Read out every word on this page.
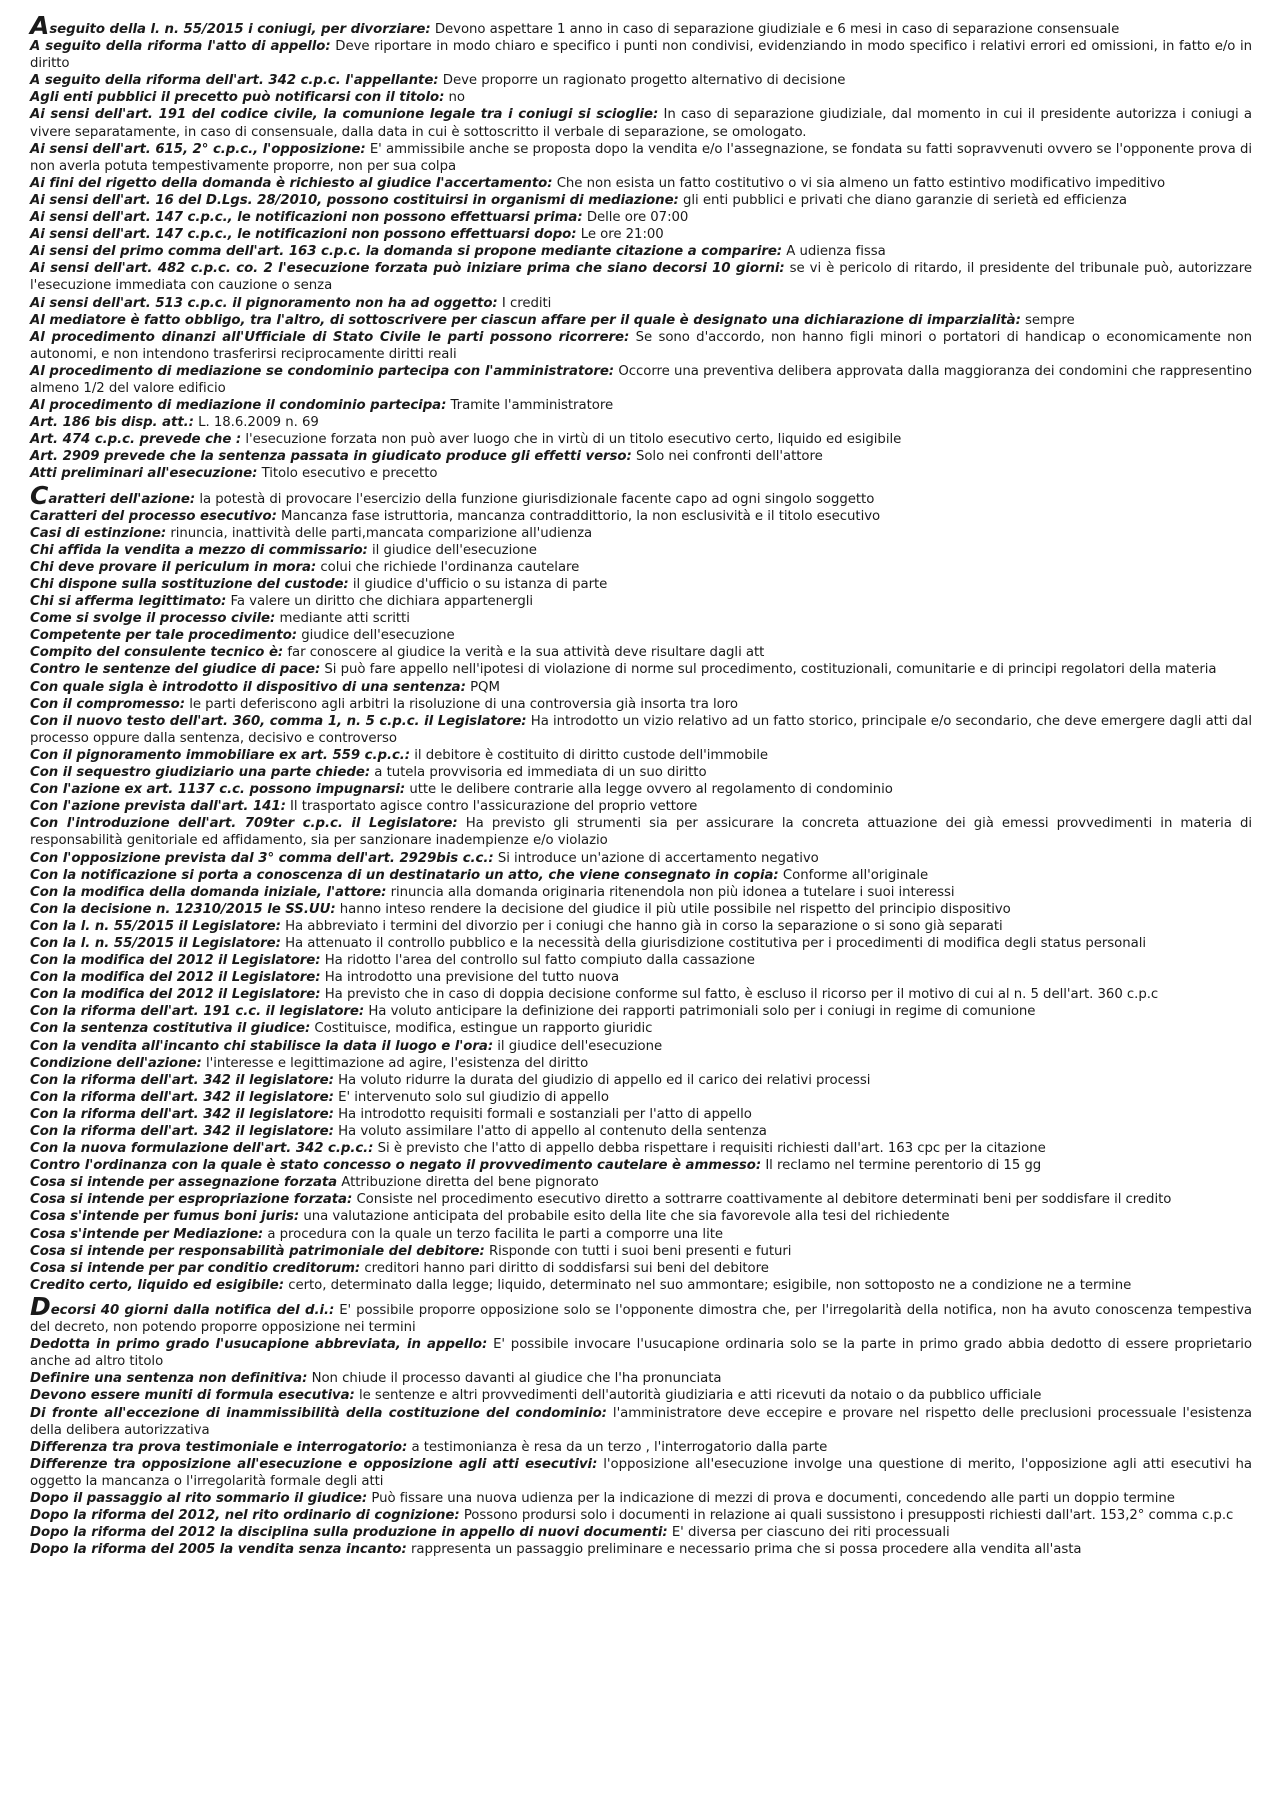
Aseguito della l. n. 55/2015 i coniugi, per divorziare: Devono aspettare 1 anno in caso di separazione giudiziale e 6 mesi in caso di separazione consensuale
A seguito della riforma l'atto di appello: Deve riportare in modo chiaro e specifico i punti non condivisi, evidenziando in modo specifico i relativi errori ed omissioni, in fatto e/o in diritto
A seguito della riforma dell'art. 342 c.p.c. l'appellante: Deve proporre un ragionato progetto alternativo di decisione
Agli enti pubblici il precetto può notificarsi con il titolo: no
Ai sensi dell'art. 191 del codice civile, la comunione legale tra i coniugi si scioglie: In caso di separazione giudiziale, dal momento in cui il presidente autorizza i coniugi a vivere separatamente, in caso di consensuale, dalla data in cui è sottoscritto il verbale di separazione, se omologato.
Ai sensi dell'art. 615, 2° c.p.c., l'opposizione: E' ammissibile anche se proposta dopo la vendita e/o l'assegnazione, se fondata su fatti sopravvenuti ovvero se l'opponente prova di non averla potuta tempestivamente proporre, non per sua colpa
Ai fini del rigetto della domanda è richiesto al giudice l'accertamento: Che non esista un fatto costitutivo o vi sia almeno un fatto estintivo modificativo impeditivo
Ai sensi dell'art. 16 del D.Lgs. 28/2010, possono costituirsi in organismi di mediazione: gli enti pubblici e privati che diano garanzie di serietà ed efficienza
Ai sensi dell'art. 147 c.p.c., le notificazioni non possono effettuarsi prima: Delle ore 07:00
Ai sensi dell'art. 147 c.p.c., le notificazioni non possono effettuarsi dopo: Le ore 21:00
Ai sensi del primo comma dell'art. 163 c.p.c. la domanda si propone mediante citazione a comparire: A udienza fissa
Ai sensi dell'art. 482 c.p.c. co. 2 l'esecuzione forzata può iniziare prima che siano decorsi 10 giorni: se vi è pericolo di ritardo, il presidente del tribunale può, autorizzare l'esecuzione immediata con cauzione o senza
Ai sensi dell'art. 513 c.p.c. il pignoramento non ha ad oggetto: I crediti
Al mediatore è fatto obbligo, tra l'altro, di sottoscrivere per ciascun affare per il quale è designato una dichiarazione di imparzialità: sempre
Al procedimento dinanzi all'Ufficiale di Stato Civile le parti possono ricorrere: Se sono d'accordo, non hanno figli minori o portatori di handicap o economicamente non autonomi, e non intendono trasferirsi reciprocamente diritti reali
Al procedimento di mediazione se condominio partecipa con l'amministratore: Occorre una preventiva delibera approvata dalla maggioranza dei condomini che rappresentino almeno 1/2 del valore edificio
Al procedimento di mediazione il condominio partecipa: Tramite l'amministratore
Art. 186 bis disp. att.: L. 18.6.2009 n. 69
Art. 474 c.p.c. prevede che : l'esecuzione forzata non può aver luogo che in virtù di un titolo esecutivo certo, liquido ed esigibile
Art. 2909 prevede che la sentenza passata in giudicato produce gli effetti verso: Solo nei confronti dell'attore
Atti preliminari all'esecuzione: Titolo esecutivo e precetto
Caratteri dell'azione: la potestà di provocare l'esercizio della funzione giurisdizionale facente capo ad ogni singolo soggetto
Caratteri del processo esecutivo: Mancanza fase istruttoria, mancanza contraddittorio, la non esclusività e il titolo esecutivo
Casi di estinzione: rinuncia, inattività delle parti,mancata comparizione all'udienza
Chi affida la vendita a mezzo di commissario: il giudice dell'esecuzione
Chi deve provare il periculum in mora: colui che richiede l'ordinanza cautelare
Chi dispone sulla sostituzione del custode: il giudice d'ufficio o su istanza di parte
Chi si afferma legittimato: Fa valere un diritto che dichiara appartenergli
Come si svolge il processo civile: mediante atti scritti
Competente per tale procedimento: giudice dell'esecuzione
Compito del consulente tecnico è: far conoscere al giudice la verità e la sua attività deve risultare dagli att
Contro le sentenze del giudice di pace: Si può fare appello nell'ipotesi di violazione di norme sul procedimento, costituzionali, comunitarie e di principi regolatori della materia
Con quale sigla è introdotto il dispositivo di una sentenza: PQM
Con il compromesso: le parti deferiscono agli arbitri la risoluzione di una controversia già insorta tra loro
Con il nuovo testo dell'art. 360, comma 1, n. 5 c.p.c. il Legislatore: Ha introdotto un vizio relativo ad un fatto storico, principale e/o secondario, che deve emergere dagli atti dal processo oppure dalla sentenza, decisivo e controverso
Con il pignoramento immobiliare ex art. 559 c.p.c.: il debitore è costituito di diritto custode dell'immobile
Con il sequestro giudiziario una parte chiede: a tutela provvisoria ed immediata di un suo diritto
Con l'azione ex art. 1137 c.c. possono impugnarsi: utte le delibere contrarie alla legge ovvero al regolamento di condominio
Con l'azione prevista dall'art. 141: Il trasportato agisce contro l'assicurazione del proprio vettore
Con l'introduzione dell'art. 709ter c.p.c. il Legislatore: Ha previsto gli strumenti sia per assicurare la concreta attuazione dei già emessi provvedimenti in materia di responsabilità genitoriale ed affidamento, sia per sanzionare inadempienze e/o violazio
Con l'opposizione prevista dal 3° comma dell'art. 2929bis c.c.: Si introduce un'azione di accertamento negativo
Con la notificazione si porta a conoscenza di un destinatario un atto, che viene consegnato in copia: Conforme all'originale
Con la modifica della domanda iniziale, l'attore: rinuncia alla domanda originaria ritenendola non più idonea a tutelare i suoi interessi
Con la decisione n. 12310/2015 le SS.UU: hanno inteso rendere la decisione del giudice il più utile possibile nel rispetto del principio dispositivo
Con la l. n. 55/2015 il Legislatore: Ha abbreviato i termini del divorzio per i coniugi che hanno già in corso la separazione o si sono già separati
Con la l. n. 55/2015 il Legislatore: Ha attenuato il controllo pubblico e la necessità della giurisdizione costitutiva per i procedimenti di modifica degli status personali
Con la modifica del 2012 il Legislatore: Ha ridotto l'area del controllo sul fatto compiuto dalla cassazione
Con la modifica del 2012 il Legislatore: Ha introdotto una previsione del tutto nuova
Con la modifica del 2012 il Legislatore: Ha previsto che in caso di doppia decisione conforme sul fatto, è escluso il ricorso per il motivo di cui al n. 5 dell'art. 360 c.p.c
Con la riforma dell'art. 191 c.c. il legislatore: Ha voluto anticipare la definizione dei rapporti patrimoniali solo per i coniugi in regime di comunione
Con la sentenza costitutiva il giudice: Costituisce, modifica, estingue un rapporto giuridic
Con la vendita all'incanto chi stabilisce la data il luogo e l'ora: il giudice dell'esecuzione
Condizione dell'azione: l'interesse e legittimazione ad agire, l'esistenza del diritto
Con la riforma dell'art. 342 il legislatore: Ha voluto ridurre la durata del giudizio di appello ed il carico dei relativi processi
Con la riforma dell'art. 342 il legislatore: E' intervenuto solo sul giudizio di appello
Con la riforma dell'art. 342 il legislatore: Ha introdotto requisiti formali e sostanziali per l'atto di appello
Con la riforma dell'art. 342 il legislatore: Ha voluto assimilare l'atto di appello al contenuto della sentenza
Con la nuova formulazione dell'art. 342 c.p.c.: Si è previsto che l'atto di appello debba rispettare i requisiti richiesti dall'art. 163 cpc per la citazione
Contro l'ordinanza con la quale è stato concesso o negato il provvedimento cautelare è ammesso: Il reclamo nel termine perentorio di 15 gg
Cosa si intende per assegnazione forzata Attribuzione diretta del bene pignorato
Cosa si intende per espropriazione forzata: Consiste nel procedimento esecutivo diretto a sottrarre coattivamente al debitore determinati beni per soddisfare il credito
Cosa s'intende per fumus boni juris: una valutazione anticipata del probabile esito della lite che sia favorevole alla tesi del richiedente
Cosa s'intende per Mediazione: a procedura con la quale un terzo facilita le parti a comporre una lite
Cosa si intende per responsabilità patrimoniale del debitore: Risponde con tutti i suoi beni presenti e futuri
Cosa si intende per par conditio creditorum: creditori hanno pari diritto di soddisfarsi sui beni del debitore
Credito certo, liquido ed esigibile: certo, determinato dalla legge; liquido, determinato nel suo ammontare; esigibile, non sottoposto ne a condizione ne a termine
Decorsi 40 giorni dalla notifica del d.i.: E' possibile proporre opposizione solo se l'opponente dimostra che, per l'irregolarità della notifica, non ha avuto conoscenza tempestiva del decreto, non potendo proporre opposizione nei termini
Dedotta in primo grado l'usucapione abbreviata, in appello: E' possibile invocare l'usucapione ordinaria solo se la parte in primo grado abbia dedotto di essere proprietario anche ad altro titolo
Definire una sentenza non definitiva: Non chiude il processo davanti al giudice che l'ha pronunciata
Devono essere muniti di formula esecutiva: le sentenze e altri provvedimenti dell'autorità giudiziaria e atti ricevuti da notaio o da pubblico ufficiale
Di fronte all'eccezione di inammissibilità della costituzione del condominio: l'amministratore deve eccepire e provare nel rispetto delle preclusioni processuale l'esistenza della delibera autorizzativa
Differenza tra prova testimoniale e interrogatorio: a testimonianza è resa da un terzo , l'interrogatorio dalla parte
Differenze tra opposizione all'esecuzione e opposizione agli atti esecutivi: l'opposizione all'esecuzione involge una questione di merito, l'opposizione agli atti esecutivi ha oggetto la mancanza o l'irregolarità formale degli atti
Dopo il passaggio al rito sommario il giudice: Può fissare una nuova udienza per la indicazione di mezzi di prova e documenti, concedendo alle parti un doppio termine
Dopo la riforma del 2012, nel rito ordinario di cognizione: Possono prodursi solo i documenti in relazione ai quali sussistono i presupposti richiesti dall'art. 153,2° comma c.p.c
Dopo la riforma del 2012 la disciplina sulla produzione in appello di nuovi documenti: E' diversa per ciascuno dei riti processuali
Dopo la riforma del 2005 la vendita senza incanto: rappresenta un passaggio preliminare e necessario prima che si possa procedere alla vendita all'asta
